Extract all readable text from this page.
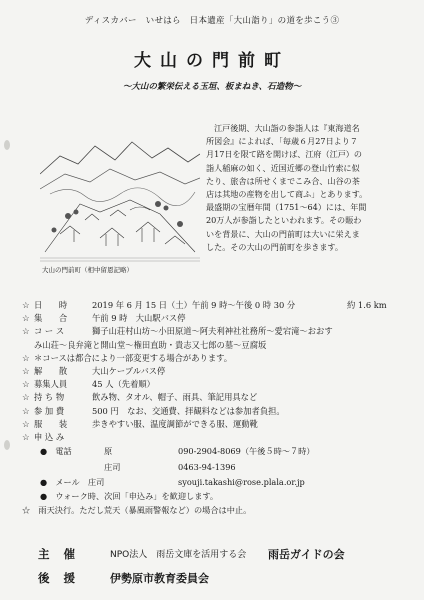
ディスカバー　いせはら　日本遺産「大山詣り」の道を歩こう③
大山の門前町
～大山の繁栄伝える玉垣、板まねき、石造物～
大山の門前町（相中留恩記略）
江戸後期、大山詣の参詣人は『東海道名
所図会』によれば、「毎歳６月27日より７
月17日を限て路を開けば、江府（江戸）の
詣人稲麻の如く、近国近郷の登山竹索に似
たり、旅舎は所せくまでこみ合、山谷の茶
店は其地の産物を出して商ふ」とあります。
最盛期の宝暦年間（1751～64）には、年間
20万人が参詣したといわれます。その賑わ
いを背景に、大山の門前町は大いに栄えま
した。その大山の門前町を歩きます。
☆ 日　　時	2019 年 6 月 15 日（土）午前 9 時～午後 0 時 30 分	約 1.6 km
☆ 集　　合	午前 9 時　大山駅バス停
☆ コ ー ス	獅子山荘村山坊～小田原道～阿夫利神社社務所～愛宕滝～おおす
み山荘～良弁滝と開山堂～権田直助・貴志又七郎の墓～豆腐坂
☆ ＊コースは都合により一部変更する場合があります。
☆ 解　　散	大山ケーブルバス停
☆ 募集人員	45 人（先着順）
☆ 持 ち 物	飲み物、タオル、帽子、雨具、筆記用具など
☆ 参 加 費	500 円　なお、交通費、拝観料などは参加者負担。
☆ 服　　装	歩きやすい服、温度調節ができる服、運動靴
☆ 申 込 み
●　電話	原	090-2904-8069（午後５時～７時）
庄司	0463-94-1396
●　メール　庄司	syouji.takashi@rose.plala.or.jp
●　ウォーク時、次回「申込み」を歓迎します。
☆　雨天決行。ただし荒天（暴風雨警報など）の場合は中止。
主催 NPO法人　雨岳文庫を活用する会 雨岳ガイドの会
後援 伊勢原市教育委員会
